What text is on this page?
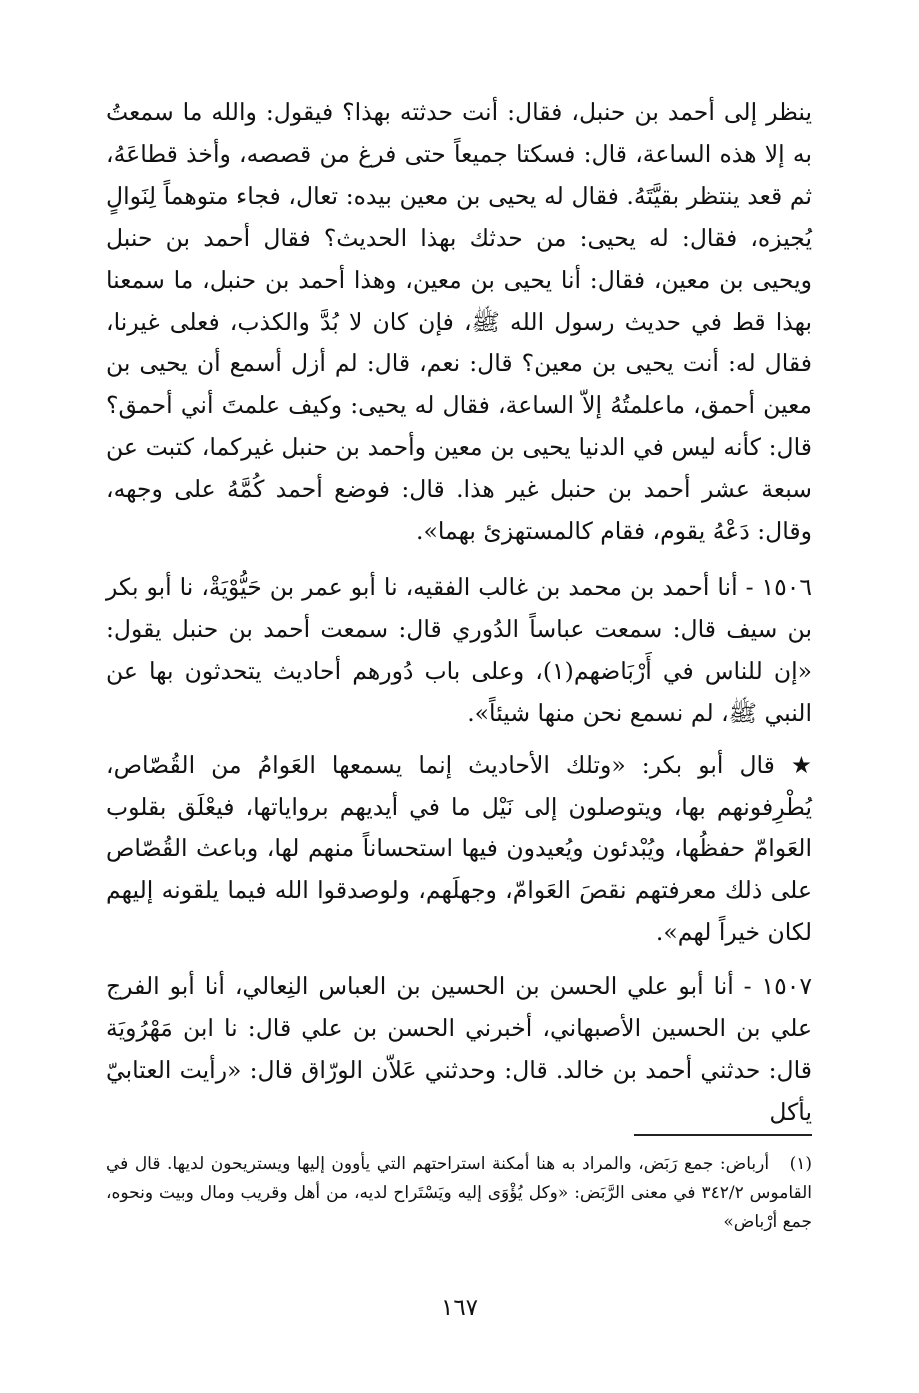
ينظر إلى أحمد بن حنبل، فقال: أنت حدثته بهذا؟ فيقول: والله ما سمعتُ به إلا هذه الساعة، قال: فسكتا جميعاً حتى فرغ من قصصه، وأخذ قطاعَهُ، ثم قعد ينتظر بقيَّتَهُ. فقال له يحيى بن معين بيده: تعال، فجاء متوهماً لِنَوالٍ يُجيزه، فقال: له يحيى: من حدثك بهذا الحديث؟ فقال أحمد بن حنبل ويحيى بن معين، فقال: أنا يحيى بن معين، وهذا أحمد بن حنبل، ما سمعنا بهذا قط في حديث رسول الله ﷺ، فإن كان لا بُدَّ والكذب، فعلى غيرنا، فقال له: أنت يحيى بن معين؟ قال: نعم، قال: لم أزل أسمع أن يحيى بن معين أحمق، ماعلمتُهُ إلاّ الساعة، فقال له يحيى: وكيف علمتَ أني أحمق؟ قال: كأنه ليس في الدنيا يحيى بن معين وأحمد بن حنبل غيركما، كتبت عن سبعة عشر أحمد بن حنبل غير هذا. قال: فوضع أحمد كُمَّهُ على وجهه، وقال: دَعْهُ يقوم، فقام كالمستهزئ بهما».

١٥٠٦ - أنا أحمد بن محمد بن غالب الفقيه، نا أبو عمر بن حَيُّوْيَةْ، نا أبو بكر بن سيف قال: سمعت عباساً الدُوري قال: سمعت أحمد بن حنبل يقول: «إن للناس في أَرْبَاضهم(١)، وعلى باب دُورهم أحاديث يتحدثون بها عن النبي ﷺ، لم نسمع نحن منها شيئاً».

★ قال أبو بكر: «وتلك الأحاديث إنما يسمعها العَوامُ من القُصّاص، يُطْرِفونهم بها، ويتوصلون إلى نَيْل ما في أيديهم برواياتها، فيعْلَق بقلوب العَوامّ حفظُها، ويُبْدئون ويُعيدون فيها استحساناً منهم لها، وباعث القُصّاص على ذلك معرفتهم نقصَ العَوامّ، وجهلَهم، ولوصدقوا الله فيما يلقونه إليهم لكان خيراً لهم».

١٥٠٧ - أنا أبو علي الحسن بن الحسين بن العباس النِعالي، أنا أبو الفرج علي بن الحسين الأصبهاني، أخبرني الحسن بن علي قال: نا ابن مَهْرُويَة قال: حدثني أحمد بن خالد. قال: وحدثني عَلاّن الورّاق قال: «رأيت العتابيّ يأكل

(١) أرباض: جمع رَبَض، والمراد به هنا أمكنة استراحتهم التي يأوون إليها ويستريحون لديها. قال في القاموس ٣٤٢/٢ في معنى الرَّبَض: «وكل يُؤْوَى إليه ويَسْتَراح لديه، من أهل وقريب ومال وبيت ونحوه، جمع أرْباض»

١٦٧
